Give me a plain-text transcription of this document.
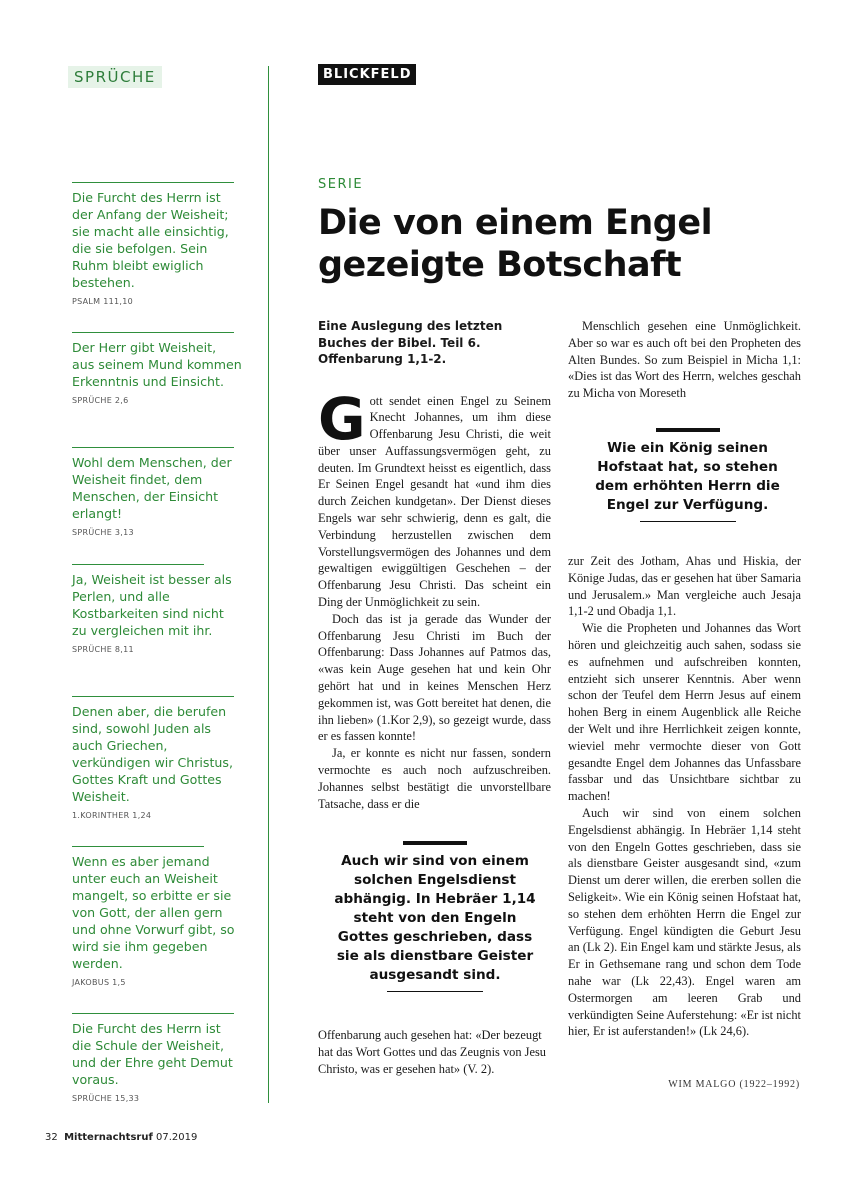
SPRÜCHE
Die Furcht des Herrn ist der Anfang der Weisheit; sie macht alle einsichtig, die sie befolgen. Sein Ruhm bleibt ewiglich bestehen.
PSALM 111,10
Der Herr gibt Weisheit, aus seinem Mund kommen Erkenntnis und Einsicht.
SPRÜCHE 2,6
Wohl dem Menschen, der Weisheit findet, dem Menschen, der Einsicht erlangt!
SPRÜCHE 3,13
Ja, Weisheit ist besser als Perlen, und alle Kostbarkeiten sind nicht zu vergleichen mit ihr.
SPRÜCHE 8,11
Denen aber, die berufen sind, sowohl Juden als auch Griechen, verkündigen wir Christus, Gottes Kraft und Gottes Weisheit.
1.KORINTHER 1,24
Wenn es aber jemand unter euch an Weisheit mangelt, so erbitte er sie von Gott, der allen gern und ohne Vorwurf gibt, so wird sie ihm gegeben werden.
JAKOBUS 1,5
Die Furcht des Herrn ist die Schule der Weisheit, und der Ehre geht Demut voraus.
SPRÜCHE 15,33
BLICKFELD
SERIE
Die von einem Engel gezeigte Botschaft

Eine Auslegung des letzten Buches der Bibel. Teil 6. Offenbarung 1,1-2.

Gott sendet einen Engel zu Seinem Knecht Johannes, um ihm diese Offenbarung Jesu Christi, die weit über unser Auffassungsvermögen geht, zu deuten. Im Grundtext heisst es eigentlich, dass Er Seinen Engel gesandt hat «und ihm dies durch Zeichen kundgetan». Der Dienst dieses Engels war sehr schwierig, denn es galt, die Verbindung herzustellen zwischen dem Vorstellungsvermögen des Johannes und dem gewaltigen ewiggültigen Geschehen – der Offenbarung Jesu Christi. Das scheint ein Ding der Unmöglichkeit zu sein.

Doch das ist ja gerade das Wunder der Offenbarung Jesu Christi im Buch der Offenbarung: Dass Johannes auf Patmos das, «was kein Auge gesehen hat und kein Ohr gehört hat und in keines Menschen Herz gekommen ist, was Gott bereitet hat denen, die ihn lieben» (1.Kor 2,9), so gezeigt wurde, dass er es fassen konnte!

Ja, er konnte es nicht nur fassen, sondern vermochte es auch noch aufzuschreiben. Johannes selbst bestätigt die unvorstellbare Tatsache, dass er die

Auch wir sind von einem solchen Engelsdienst abhängig. In Hebräer 1,14 steht von den Engeln Gottes geschrieben, dass sie als dienstbare Geister ausgesandt sind.

Offenbarung auch gesehen hat: «Der bezeugt hat das Wort Gottes und das Zeugnis von Jesu Christo, was er gesehen hat» (V. 2).

Menschlich gesehen eine Unmöglichkeit. Aber so war es auch oft bei den Propheten des Alten Bundes. So zum Beispiel in Micha 1,1: «Dies ist das Wort des Herrn, welches geschah zu Micha von Moreseth

Wie ein König seinen Hofstaat hat, so stehen dem erhöhten Herrn die Engel zur Verfügung.

zur Zeit des Jotham, Ahas und Hiskia, der Könige Judas, das er gesehen hat über Samaria und Jerusalem.» Man vergleiche auch Jesaja 1,1-2 und Obadja 1,1.

Wie die Propheten und Johannes das Wort hören und gleichzeitig auch sahen, sodass sie es aufnehmen und aufschreiben konnten, entzieht sich unserer Kenntnis. Aber wenn schon der Teufel dem Herrn Jesus auf einem hohen Berg in einem Augenblick alle Reiche der Welt und ihre Herrlichkeit zeigen konnte, wieviel mehr vermochte dieser von Gott gesandte Engel dem Johannes das Unfassbare fassbar und das Unsichtbare sichtbar zu machen!

Auch wir sind von einem solchen Engelsdienst abhängig. In Hebräer 1,14 steht von den Engeln Gottes geschrieben, dass sie als dienstbare Geister ausgesandt sind, «zum Dienst um derer willen, die ererben sollen die Seligkeit». Wie ein König seinen Hofstaat hat, so stehen dem erhöhten Herrn die Engel zur Verfügung. Engel kündigten die Geburt Jesu an (Lk 2). Ein Engel kam und stärkte Jesus, als Er in Gethsemane rang und schon dem Tode nahe war (Lk 22,43). Engel waren am Ostermorgen am leeren Grab und verkündigten Seine Auferstehung: «Er ist nicht hier, Er ist auferstanden!» (Lk 24,6).

WIM MALGO (1922–1992)
32 Mitternachtsruf 07.2019
